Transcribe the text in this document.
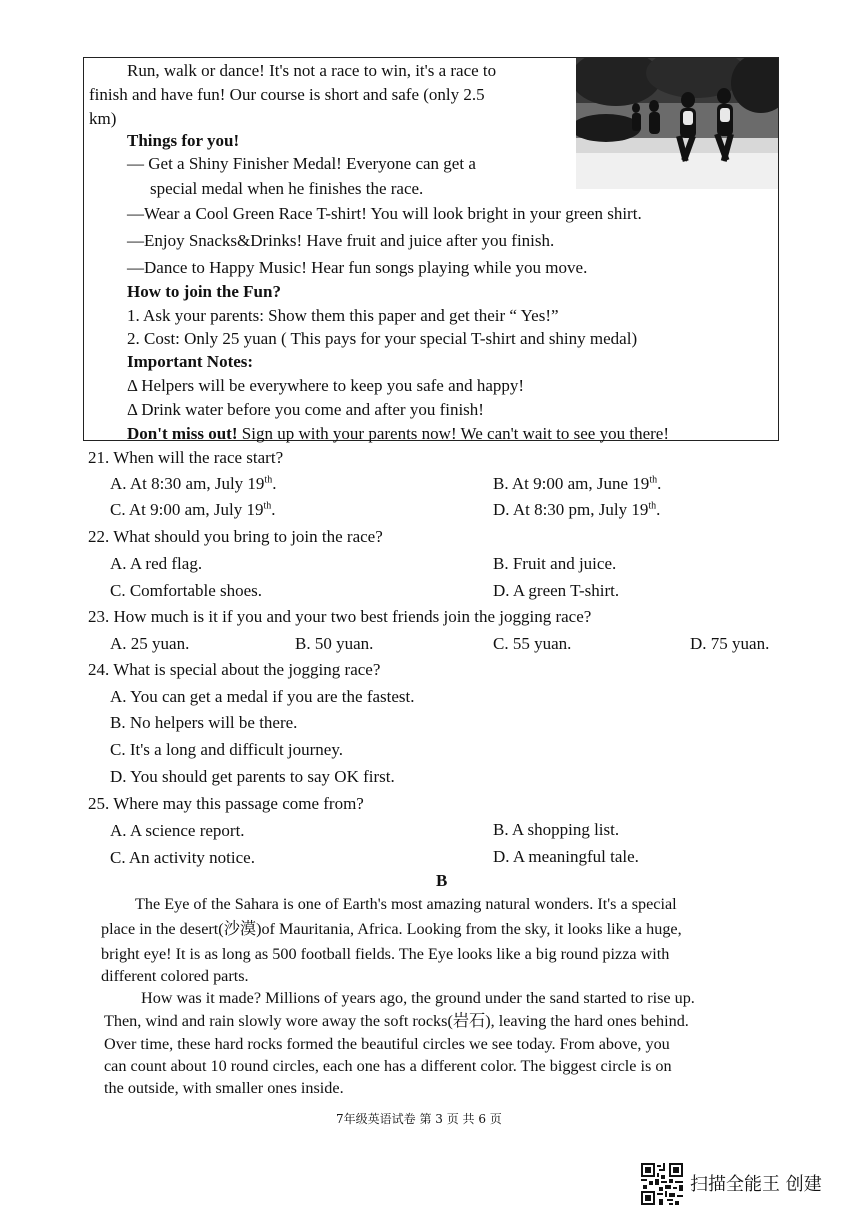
Run, walk or dance! It's not a race to win, it's a race to
finish and have fun! Our course is short and safe (only 2.5
km)
Things for you!
— Get a Shiny Finisher Medal! Everyone can get a
special medal when he finishes the race.
—Wear a Cool Green Race T-shirt! You will look bright in your green shirt.
—Enjoy Snacks&Drinks! Have fruit and juice after you finish.
—Dance to Happy Music! Hear fun songs playing while you move.
How to join the Fun?
1. Ask your parents: Show them this paper and get their “ Yes!”
2. Cost: Only 25 yuan ( This pays for your special T-shirt and shiny medal)
Important Notes:
Δ Helpers will be everywhere to keep you safe and happy!
Δ Drink water before you come and after you finish!
Don't miss out! Sign up with your parents now! We can't wait to see you there!
21. When will the race start?
A. At 8:30 am, July 19th.	B. At 9:00 am, June 19th.
C. At 9:00 am, July 19th.	D. At 8:30 pm, July 19th.
22. What should you bring to join the race?
A. A red flag.	B. Fruit and juice.
C. Comfortable shoes.	D. A green T-shirt.
23. How much is it if you and your two best friends join the jogging race?
A. 25 yuan.	B. 50 yuan.	C. 55 yuan.	D. 75 yuan.
24. What is special about the jogging race?
A. You can get a medal if you are the fastest.
B. No helpers will be there.
C. It's a long and difficult journey.
D. You should get parents to say OK first.
25. Where may this passage come from?
A. A science report.	B. A shopping list.
C. An activity notice.	D. A meaningful tale.
B
The Eye of the Sahara is one of Earth's most amazing natural wonders. It's a special
place in the desert(沙漠)of Mauritania, Africa. Looking from the sky, it looks like a huge,
bright eye! It is as long as 500 football fields. The Eye looks like a big round pizza with
different colored parts.
How was it made? Millions of years ago, the ground under the sand started to rise up.
Then, wind and rain slowly wore away the soft rocks(岩石), leaving the hard ones behind.
Over time, these hard rocks formed the beautiful circles we see today. From above, you
can count about 10 round circles, each one has a different color. The biggest circle is on
the outside, with smaller ones inside.
7年级英语试卷 第 3 页 共 6 页
扫描全能王 创建
